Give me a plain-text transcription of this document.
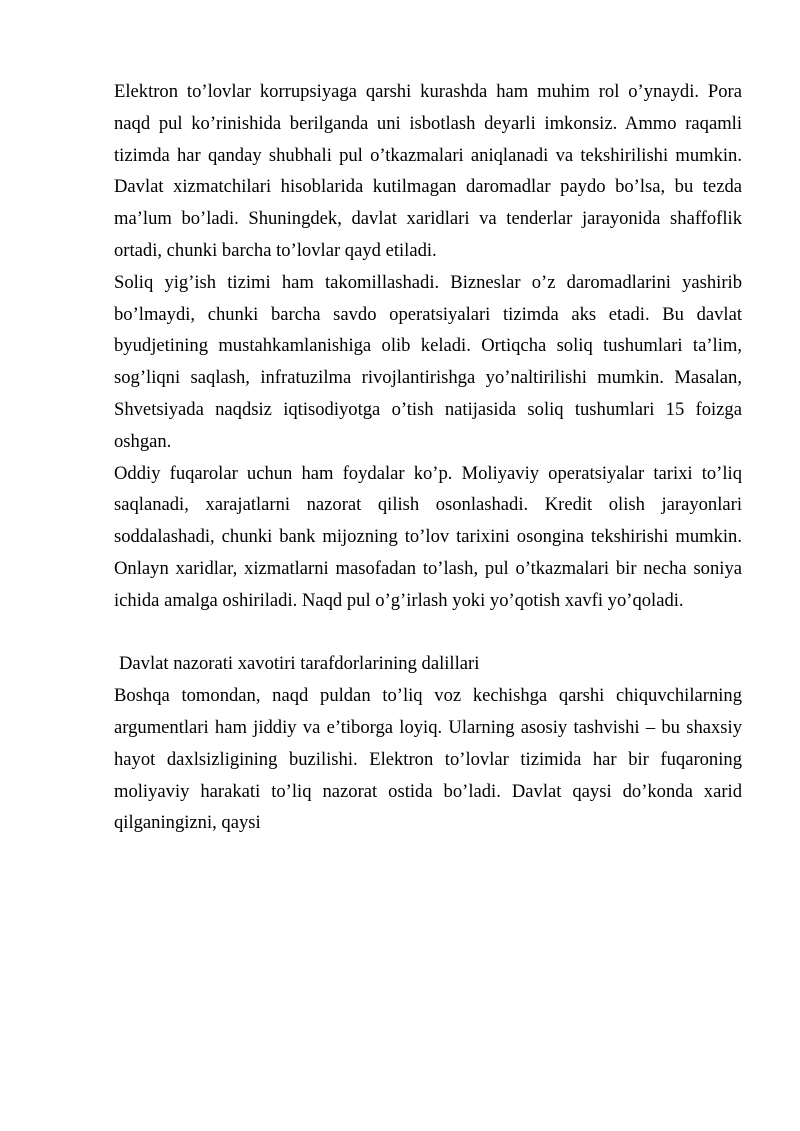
Elektron to’lovlar korrupsiyaga qarshi kurashda ham muhim rol o’ynaydi. Pora naqd pul ko’rinishida berilganda uni isbotlash deyarli imkonsiz. Ammo raqamli tizimda har qanday shubhali pul o’tkazmalari aniqlanadi va tekshirilishi mumkin. Davlat xizmatchilari hisoblarida kutilmagan daromadlar paydo bo’lsa, bu tezda ma’lum bo’ladi. Shuningdek, davlat xaridlari va tenderlar jarayonida shaffoflik ortadi, chunki barcha to’lovlar qayd etiladi.

Soliq yig’ish tizimi ham takomillashadi. Bizneslar o’z daromadlarini yashirib bo’lmaydi, chunki barcha savdo operatsiyalari tizimda aks etadi. Bu davlat byudjetining mustahkamlanishiga olib keladi. Ortiqcha soliq tushumlari ta’lim, sog’liqni saqlash, infratuzilma rivojlantirishga yo’naltirilishi mumkin. Masalan, Shvetsiyada naqdsiz iqtisodiyotga o’tish natijasida soliq tushumlari 15 foizga oshgan.

Oddiy fuqarolar uchun ham foydalar ko’p. Moliyaviy operatsiyalar tarixi to’liq saqlanadi, xarajatlarni nazorat qilish osonlashadi. Kredit olish jarayonlari soddalashadi, chunki bank mijozning to’lov tarixini osongina tekshirishi mumkin. Onlayn xaridlar, xizmatlarni masofadan to’lash, pul o’tkazmalari bir necha soniya ichida amalga oshiriladi. Naqd pul o’g’irlash yoki yo’qotish xavfi yo’qoladi.

Davlat nazorati xavotiri tarafdorlarining dalillari

Boshqa tomondan, naqd puldan to’liq voz kechishga qarshi chiquvchilarning argumentlari ham jiddiy va e’tiborga loyiq. Ularning asosiy tashvishi – bu shaxsiy hayot daxlsizligining buzilishi. Elektron to’lovlar tizimida har bir fuqaroning moliyaviy harakati to’liq nazorat ostida bo’ladi. Davlat qaysi do’konda xarid qilganingizni, qaysi
